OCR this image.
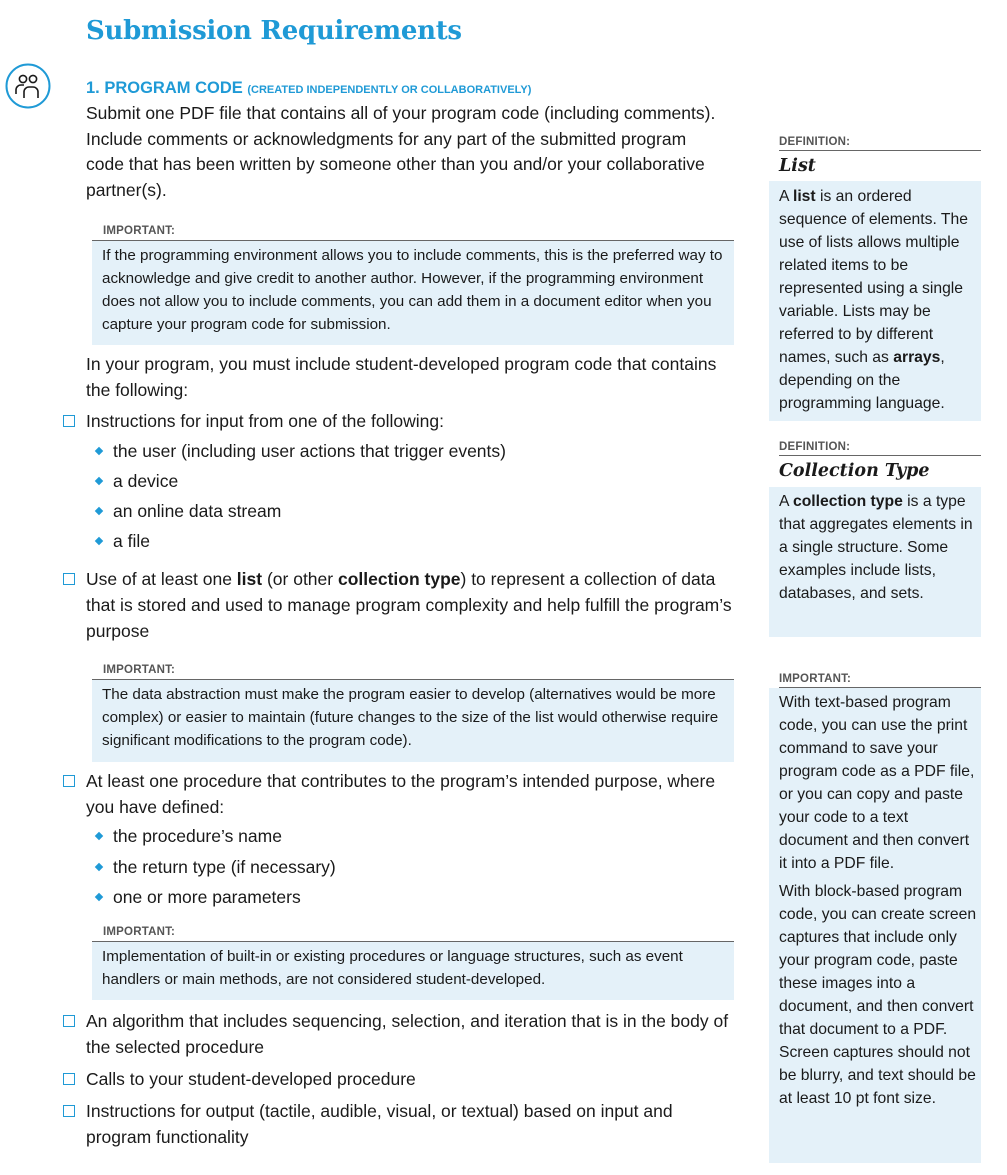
Submission Requirements
1. PROGRAM CODE (CREATED INDEPENDENTLY OR COLLABORATIVELY)
Submit one PDF file that contains all of your program code (including comments). Include comments or acknowledgments for any part of the submitted program code that has been written by someone other than you and/or your collaborative partner(s).
IMPORTANT:
If the programming environment allows you to include comments, this is the preferred way to acknowledge and give credit to another author. However, if the programming environment does not allow you to include comments, you can add them in a document editor when you capture your program code for submission.
In your program, you must include student-developed program code that contains the following:
Instructions for input from one of the following:
the user (including user actions that trigger events)
a device
an online data stream
a file
Use of at least one list (or other collection type) to represent a collection of data that is stored and used to manage program complexity and help fulfill the program’s purpose
IMPORTANT:
The data abstraction must make the program easier to develop (alternatives would be more complex) or easier to maintain (future changes to the size of the list would otherwise require significant modifications to the program code).
At least one procedure that contributes to the program’s intended purpose, where you have defined:
the procedure’s name
the return type (if necessary)
one or more parameters
IMPORTANT:
Implementation of built-in or existing procedures or language structures, such as event handlers or main methods, are not considered student-developed.
An algorithm that includes sequencing, selection, and iteration that is in the body of the selected procedure
Calls to your student-developed procedure
Instructions for output (tactile, audible, visual, or textual) based on input and program functionality
DEFINITION:
List
A list is an ordered sequence of elements. The use of lists allows multiple related items to be represented using a single variable. Lists may be referred to by different names, such as arrays, depending on the programming language.
DEFINITION:
Collection Type
A collection type is a type that aggregates elements in a single structure. Some examples include lists, databases, and sets.
IMPORTANT:
With text-based program code, you can use the print command to save your program code as a PDF file, or you can copy and paste your code to a text document and then convert it into a PDF file.
With block-based program code, you can create screen captures that include only your program code, paste these images into a document, and then convert that document to a PDF. Screen captures should not be blurry, and text should be at least 10 pt font size.
